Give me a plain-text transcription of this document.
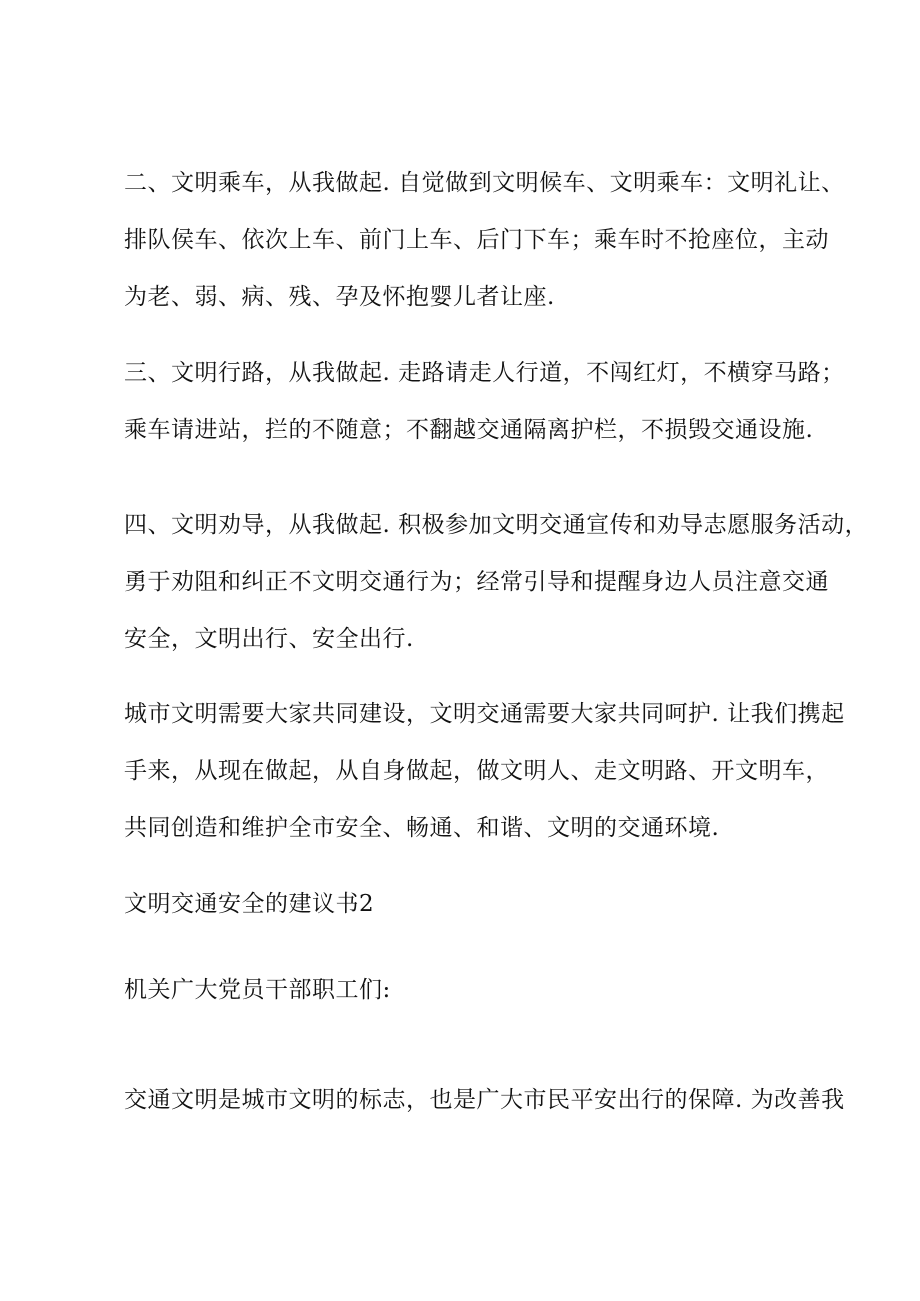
二、文明乘车，从我做起. 自觉做到文明候车、文明乘车：文明礼让、
排队侯车、依次上车、前门上车、后门下车；乘车时不抢座位，主动
为老、弱、病、残、孕及怀抱婴儿者让座.
三、文明行路，从我做起. 走路请走人行道，不闯红灯，不横穿马路；
乘车请进站，拦的不随意；不翻越交通隔离护栏，不损毁交通设施.
四、文明劝导，从我做起. 积极参加文明交通宣传和劝导志愿服务活动，
勇于劝阻和纠正不文明交通行为；经常引导和提醒身边人员注意交通
安全，文明出行、安全出行.
城市文明需要大家共同建设，文明交通需要大家共同呵护. 让我们携起
手来，从现在做起，从自身做起，做文明人、走文明路、开文明车，
共同创造和维护全市安全、畅通、和谐、文明的交通环境.
文明交通安全的建议书2
机关广大党员干部职工们:
交通文明是城市文明的标志，也是广大市民平安出行的保障. 为改善我
